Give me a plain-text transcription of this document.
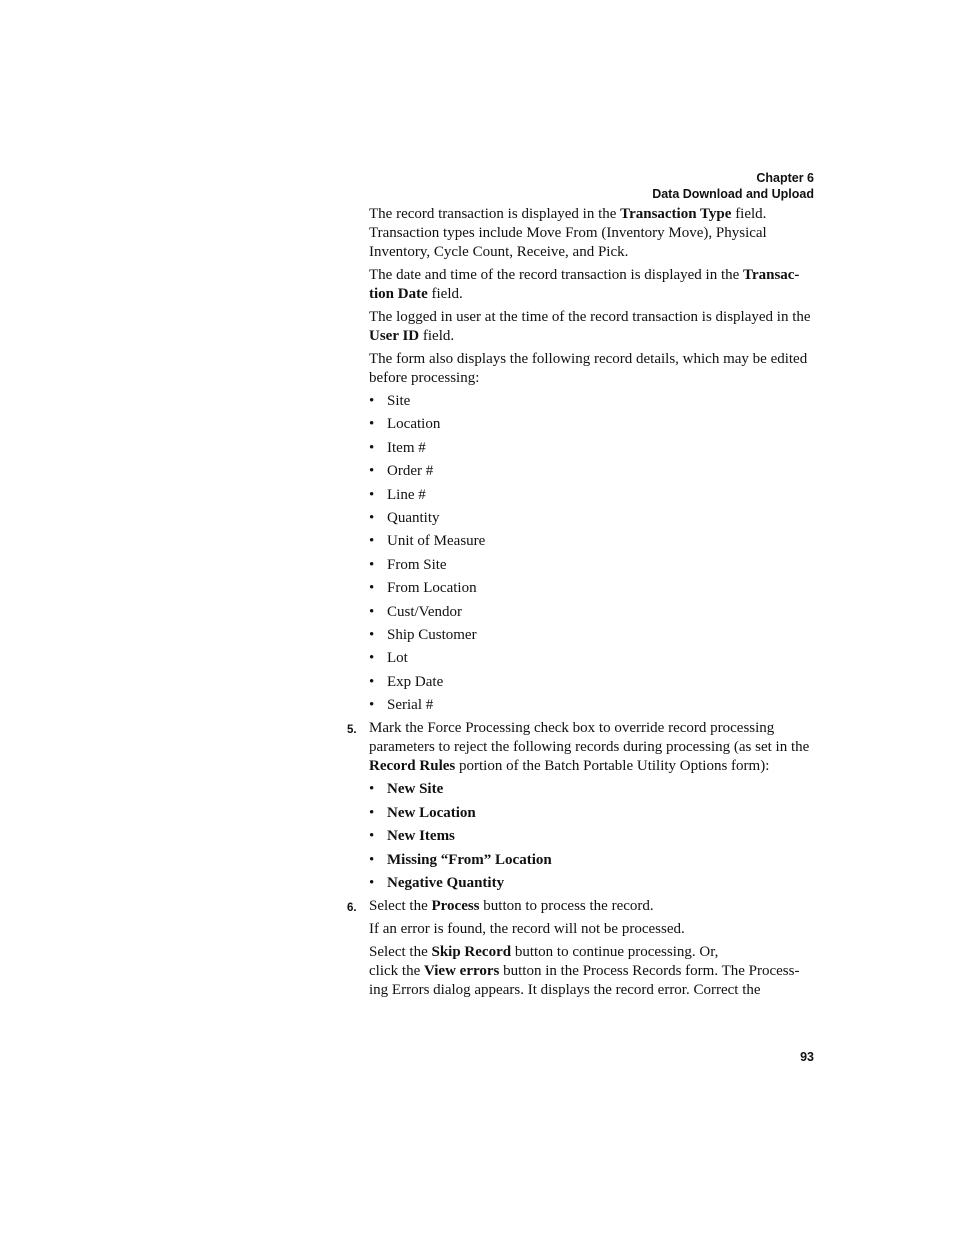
Chapter 6
Data Download and Upload

The record transaction is displayed in the Transaction Type field. Transaction types include Move From (Inventory Move), Physical Inventory, Cycle Count, Receive, and Pick.

The date and time of the record transaction is displayed in the Transac-tion Date field.

The logged in user at the time of the record transaction is displayed in the User ID field.

The form also displays the following record details, which may be edited before processing:

• Site
• Location
• Item #
• Order #
• Line #
• Quantity
• Unit of Measure
• From Site
• From Location
• Cust/Vendor
• Ship Customer
• Lot
• Exp Date
• Serial #
5. Mark the Force Processing check box to override record processing parameters to reject the following records during processing (as set in the Record Rules portion of the Batch Portable Utility Options form):
• New Site
• New Location
• New Items
• Missing “From” Location
• Negative Quantity
6. Select the Process button to process the record.

If an error is found, the record will not be processed.

Select the Skip Record button to continue processing. Or,
click the View errors button in the Process Records form. The Process-ing Errors dialog appears. It displays the record error. Correct the

93
